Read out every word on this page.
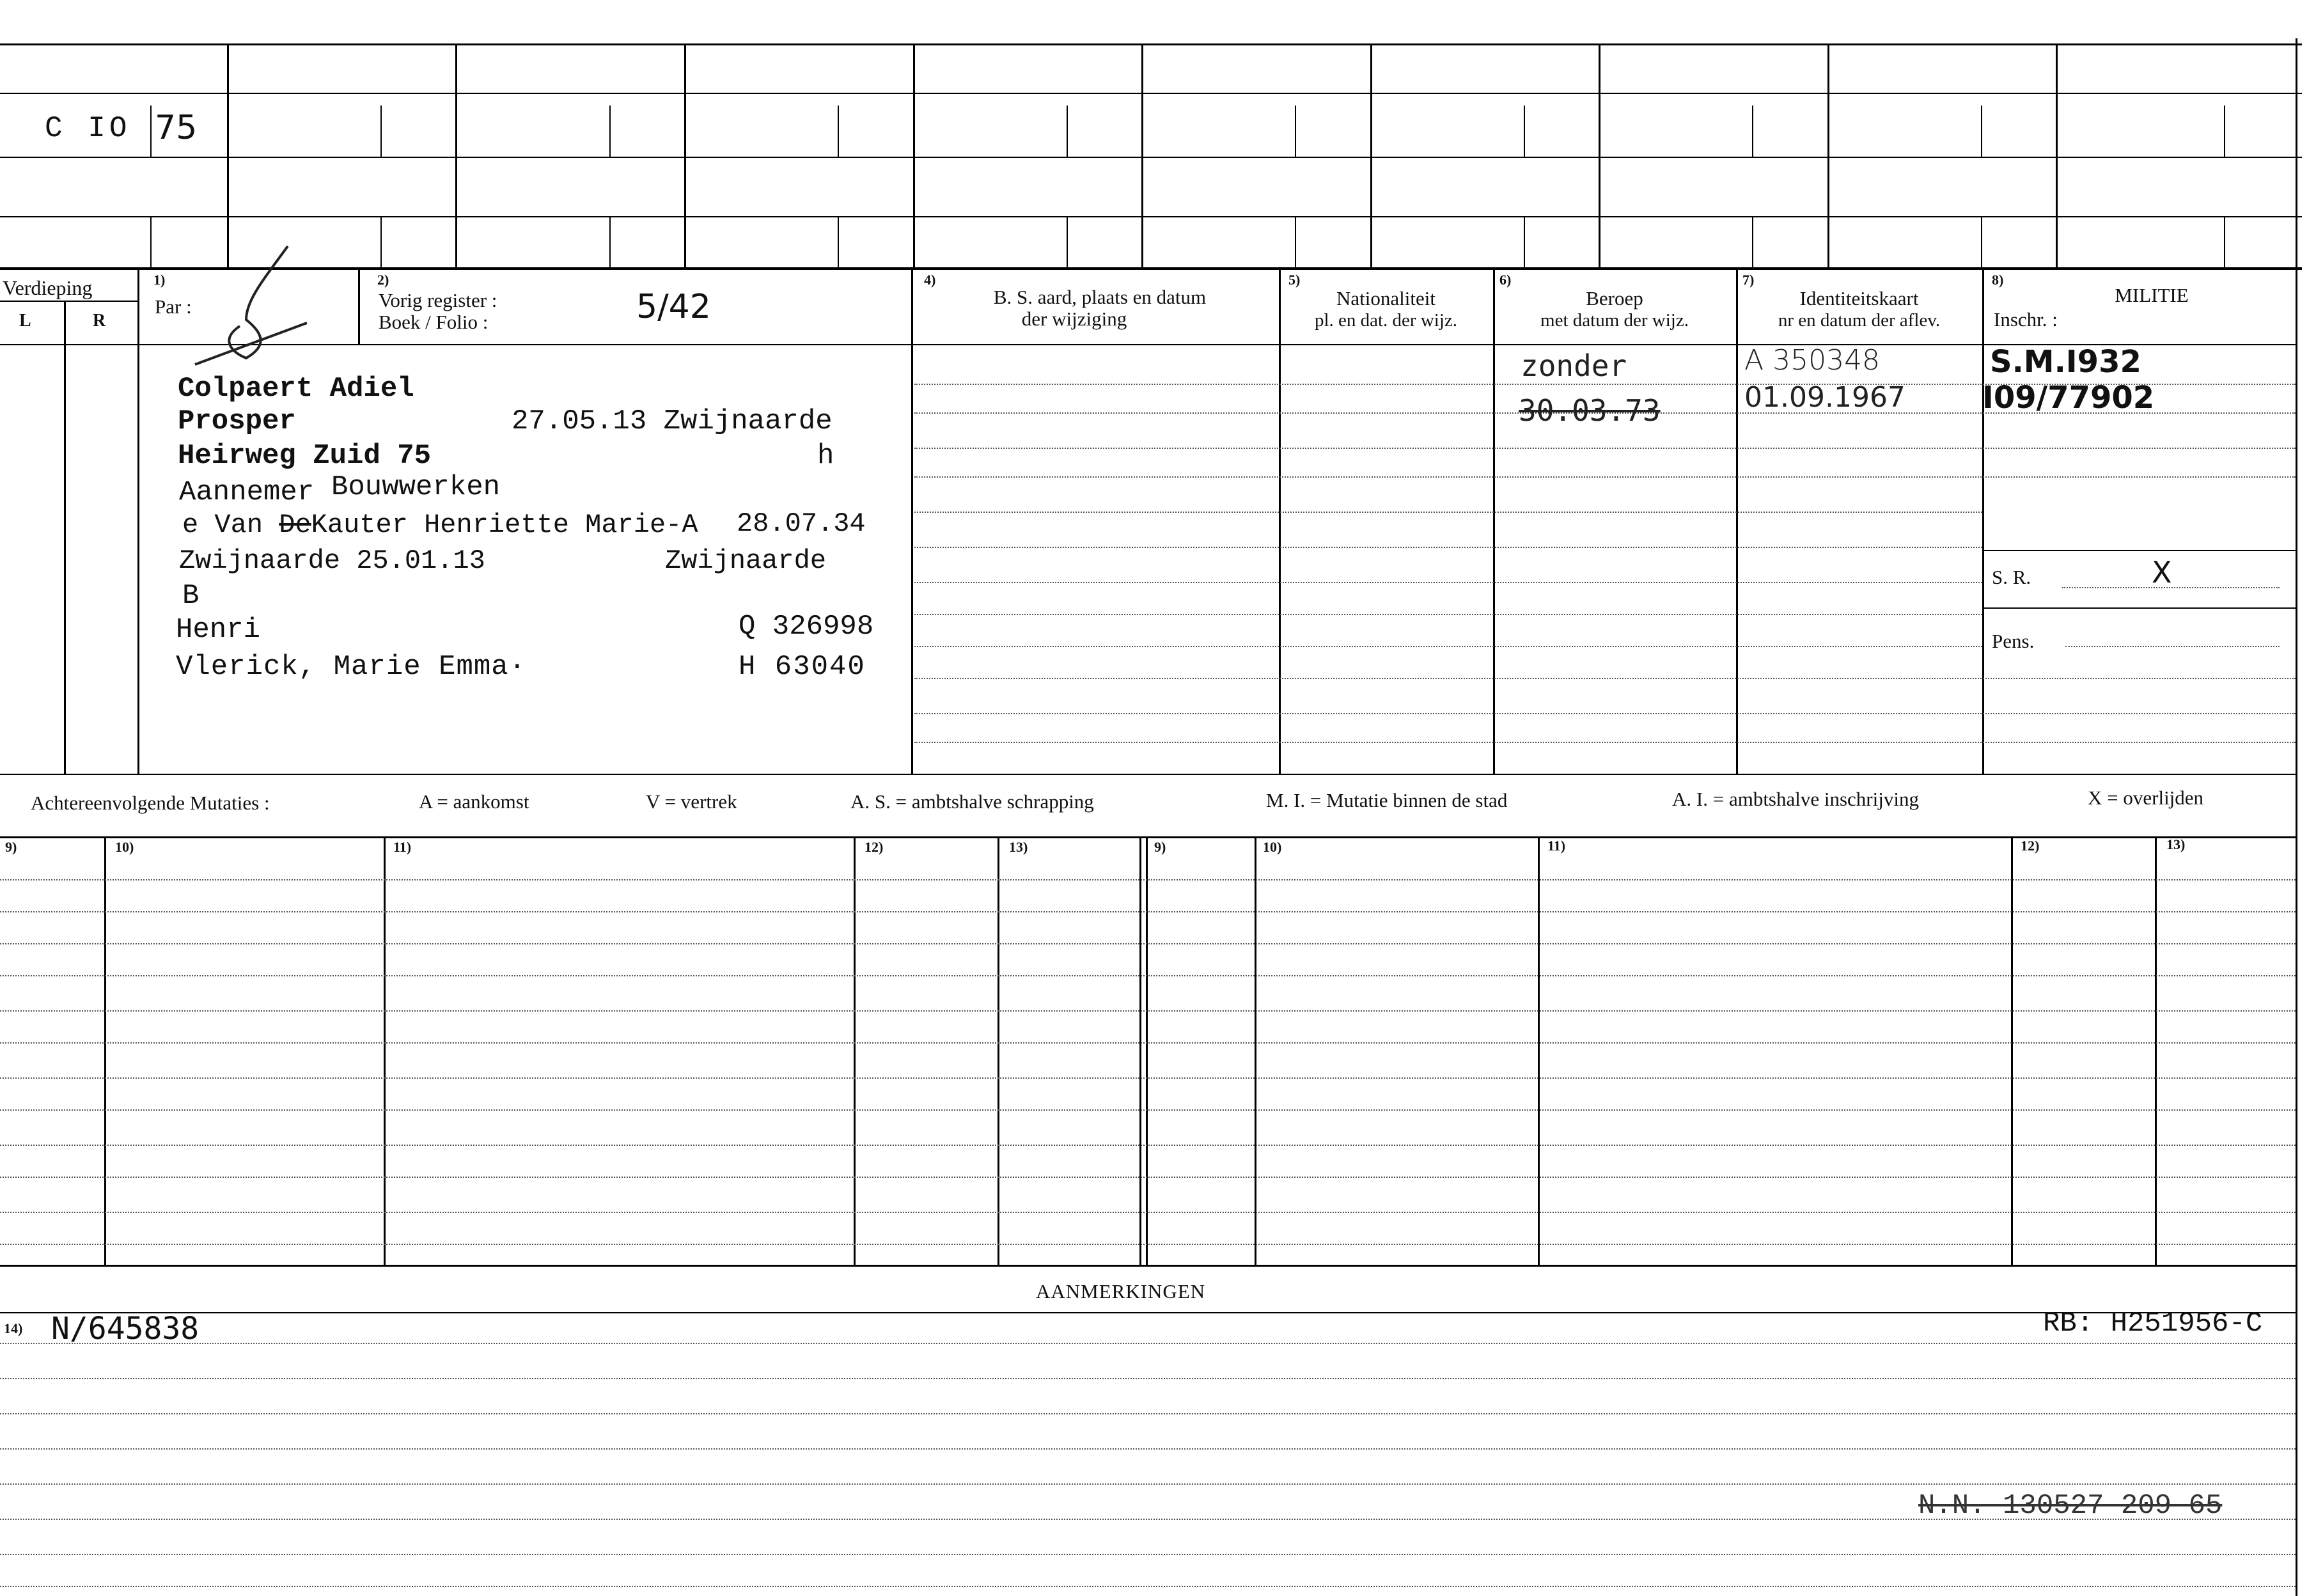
C IO 75
Verdieping
L	R
1)
Par :
2)
Vorig register :
Boek / Folio :	5/42
4)
B. S. aard, plaats en datum
der wijziging
5)
Nationaliteit
pl. en dat. der wijz.
6)
Beroep
met datum der wijz.
7)
Identiteitskaart
nr en datum der aflev.
8)
MILITIE
Inschr. :
Colpaert Adiel
Prosper	27.05.13 Zwijnaarde
Heirweg Zuid 75	h
Aannemer Bouwwerken
e Van DeKauter Henriette Marie-A 28.07.34
Zwijnaarde 25.01.13	Zwijnaarde
B
Henri	Q 326998
Vlerick, Marie Emma·	H 63040
zonder
30.03.73
A 350348
01.09.1967
S.M.I932
I09/77902
S. R.	X
Pens.
Achtereenvolgende Mutaties :	A = aankomst	V = vertrek	A. S. = ambtshalve schrapping	M. I. = Mutatie binnen de stad	A. I. = ambtshalve inschrijving	X = overlijden
9)	10)	11)	12)	13)	9)	10)	11)	12)	13)
AANMERKINGEN
14) N/645838	RB: H251956-C
N.N. 130527 209 65
